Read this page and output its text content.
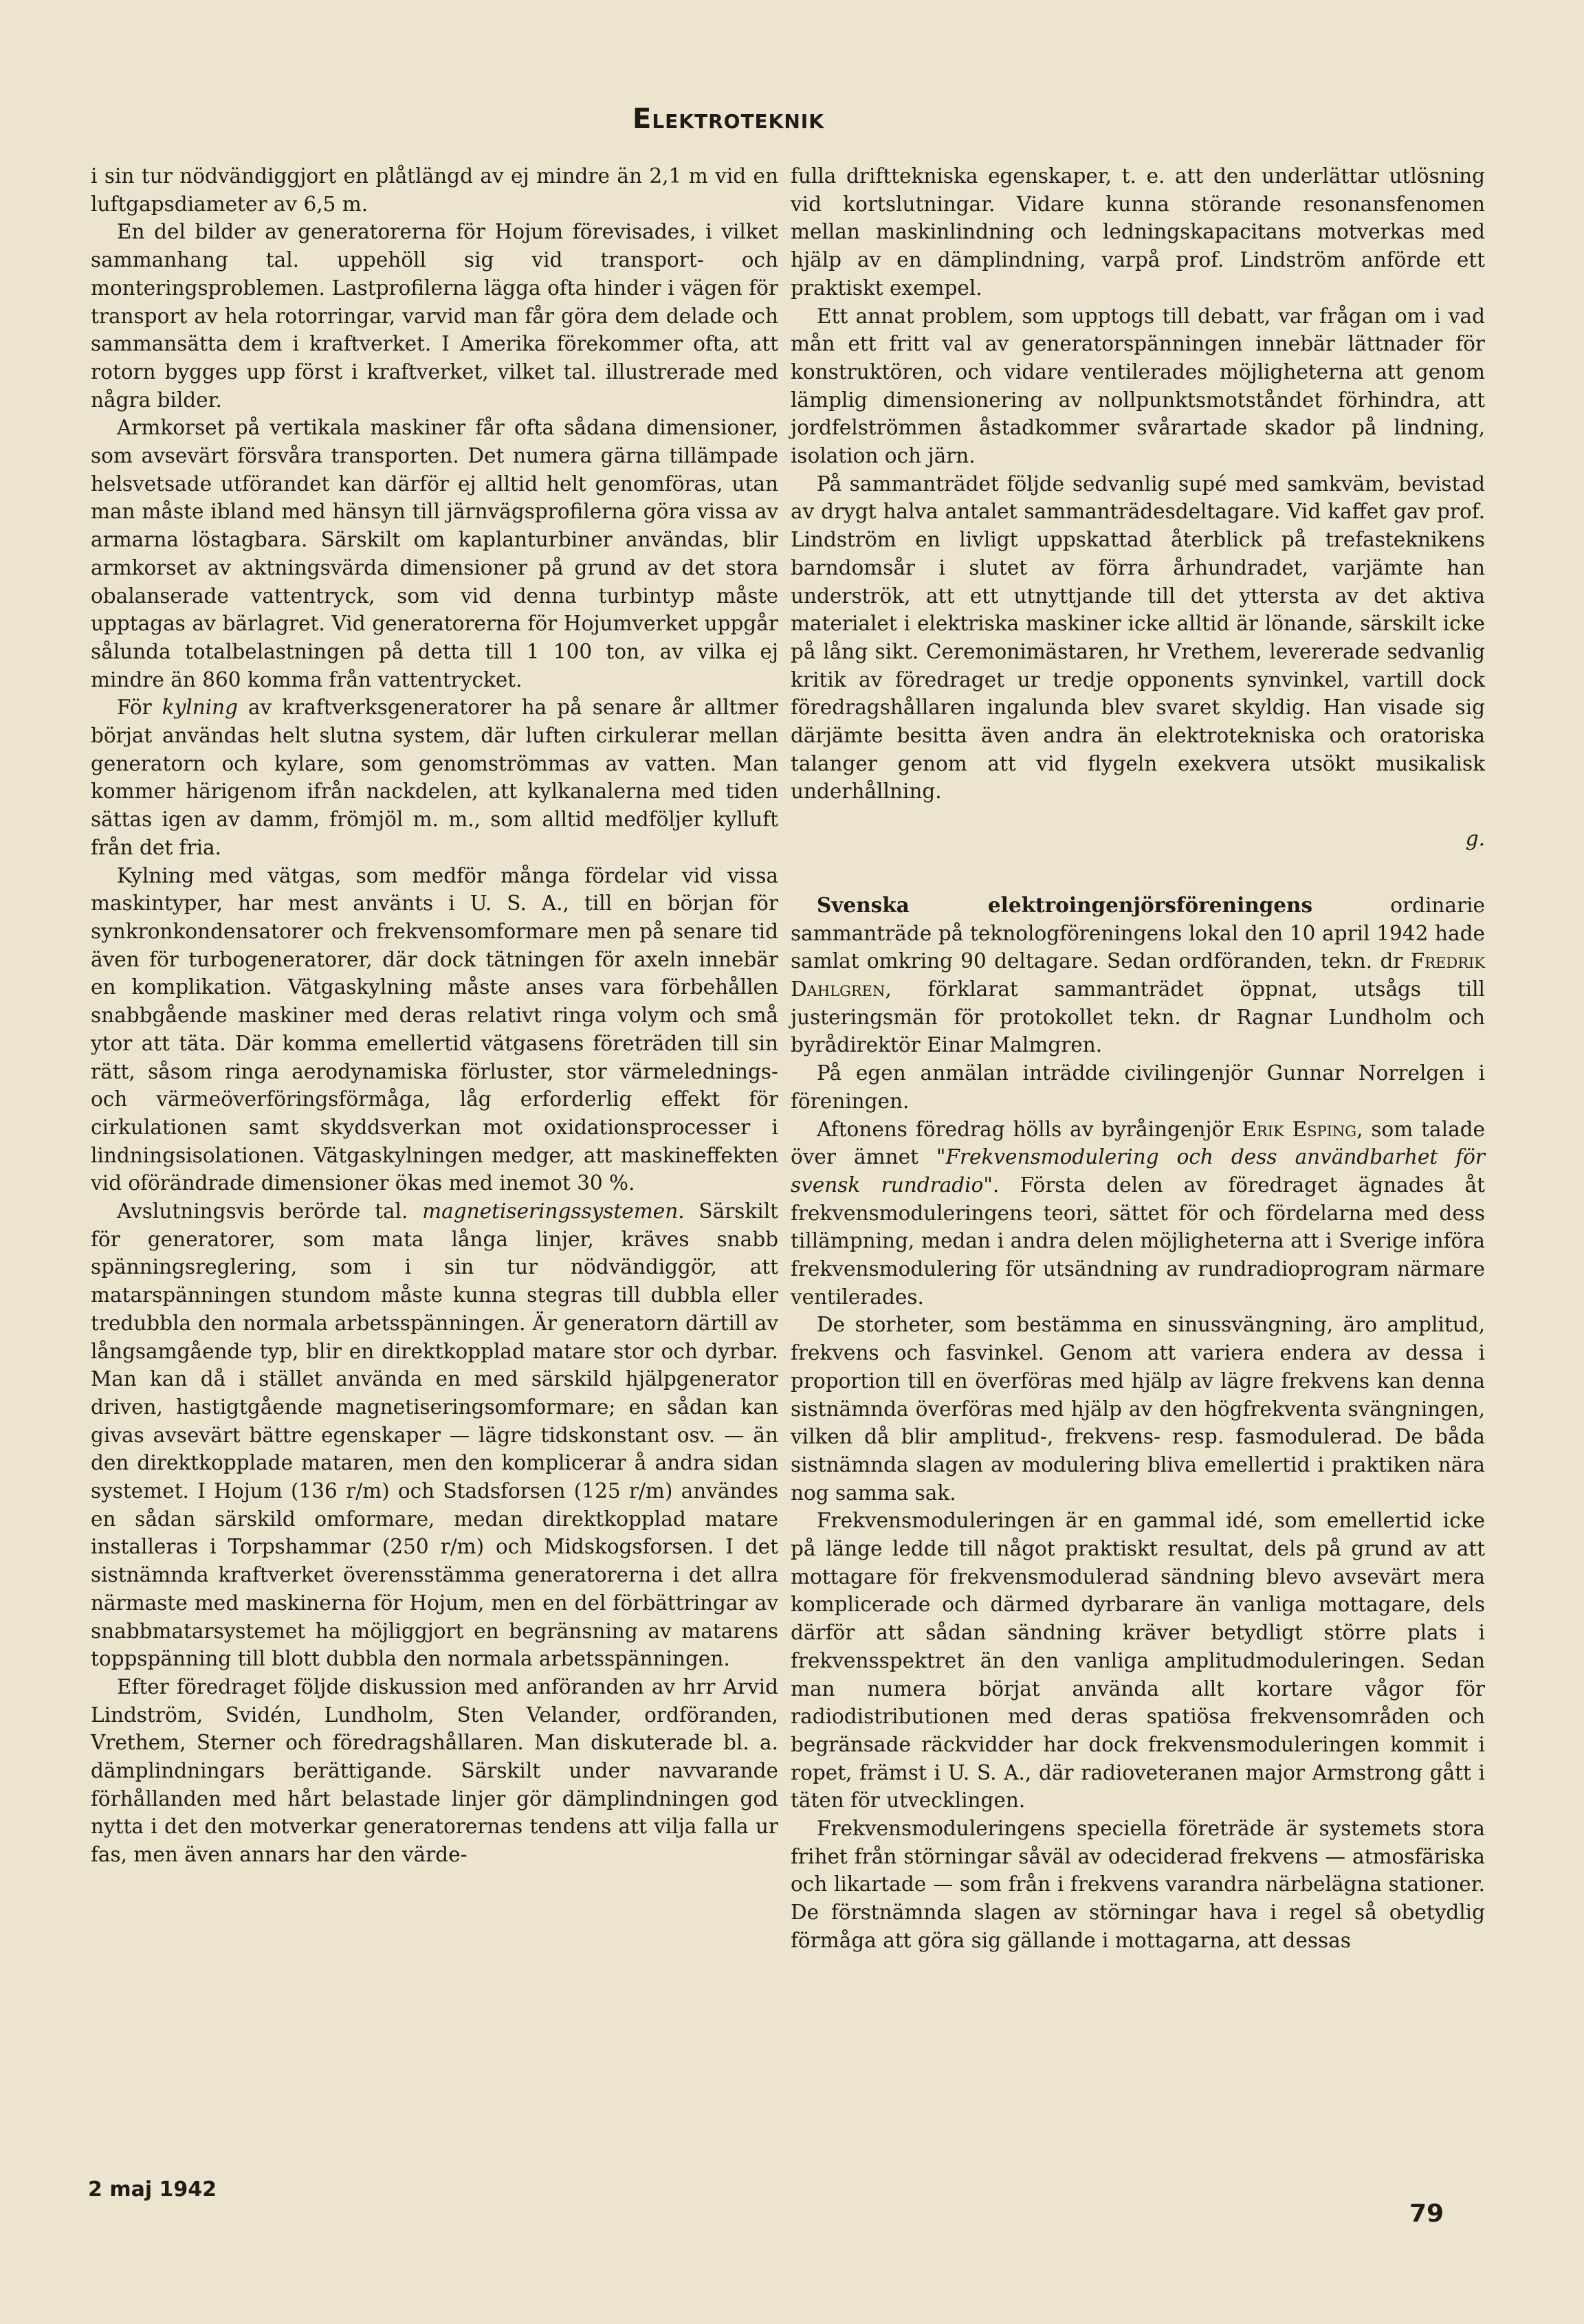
Elektroteknik

i sin tur nödvändiggjort en plåtlängd av ej mindre än 2,1 m vid en luftgapsdiameter av 6,5 m.

En del bilder av generatorerna för Hojum förevisades, i vilket sammanhang tal. uppehöll sig vid transport- och monteringsproblemen. Lastprofilerna lägga ofta hinder i vägen för transport av hela rotorringar, varvid man får göra dem delade och sammansätta dem i kraftverket. I Amerika förekommer ofta, att rotorn bygges upp först i kraftverket, vilket tal. illustrerade med några bilder.

Armkorset på vertikala maskiner får ofta sådana dimensioner, som avsevärt försvåra transporten. Det numera gärna tillämpade helsvetsade utförandet kan därför ej alltid helt genomföras, utan man måste ibland med hänsyn till järnvägsprofilerna göra vissa av armarna löstagbara. Särskilt om kaplanturbiner användas, blir armkorset av aktningsvärda dimensioner på grund av det stora obalanserade vattentryck, som vid denna turbintyp måste upptagas av bärlagret. Vid generatorerna för Hojumverket uppgår sålunda totalbelastningen på detta till 1 100 ton, av vilka ej mindre än 860 komma från vattentrycket.

För kylning av kraftverksgeneratorer ha på senare år alltmer börjat användas helt slutna system, där luften cirkulerar mellan generatorn och kylare, som genomströmmas av vatten. Man kommer härigenom ifrån nackdelen, att kylkanalerna med tiden sättas igen av damm, frömjöl m. m., som alltid medföljer kylluft från det fria.

Kylning med vätgas, som medför många fördelar vid vissa maskintyper, har mest använts i U. S. A., till en början för synkronkondensatorer och frekvensomformare men på senare tid även för turbogeneratorer, där dock tätningen för axeln innebär en komplikation. Vätgaskylning måste anses vara förbehållen snabbgående maskiner med deras relativt ringa volym och små ytor att täta. Där komma emellertid vätgasens företräden till sin rätt, såsom ringa aerodynamiska förluster, stor värmelednings- och värmeöverföringsförmåga, låg erforderlig effekt för cirkulationen samt skyddsverkan mot oxidationsprocesser i lindningsisolationen. Vätgaskylningen medger, att maskineffekten vid oförändrade dimensioner ökas med inemot 30 %.

Avslutningsvis berörde tal. magnetiseringssystemen. Särskilt för generatorer, som mata långa linjer, kräves snabb spänningsreglering, som i sin tur nödvändiggör, att matarspänningen stundom måste kunna stegras till dubbla eller tredubbla den normala arbetsspänningen. Är generatorn därtill av långsamgående typ, blir en direktkopplad matare stor och dyrbar. Man kan då i stället använda en med särskild hjälpgenerator driven, hastigtgående magnetiseringsomformare; en sådan kan givas avsevärt bättre egenskaper — lägre tidskonstant osv. — än den direktkopplade mataren, men den komplicerar å andra sidan systemet. I Hojum (136 r/m) och Stadsforsen (125 r/m) användes en sådan särskild omformare, medan direktkopplad matare installeras i Torpshammar (250 r/m) och Midskogsforsen. I det sistnämnda kraftverket överensstämma generatorerna i det allra närmaste med maskinerna för Hojum, men en del förbättringar av snabbmatarsystemet ha möjliggjort en begränsning av matarens toppspänning till blott dubbla den normala arbetsspänningen.

Efter föredraget följde diskussion med anföranden av hrr Arvid Lindström, Svidén, Lundholm, Sten Velander, ordföranden, Vrethem, Sterner och föredragshållaren. Man diskuterade bl. a. dämplindningars berättigande. Särskilt under navvarande förhållanden med hårt belastade linjer gör dämplindningen god nytta i det den motverkar generatorernas tendens att vilja falla ur fas, men även annars har den värde-

fulla drifttekniska egenskaper, t. e. att den underlättar utlösning vid kortslutningar. Vidare kunna störande resonansfenomen mellan maskinlindning och ledningskapacitans motverkas med hjälp av en dämplindning, varpå prof. Lindström anförde ett praktiskt exempel.

Ett annat problem, som upptogs till debatt, var frågan om i vad mån ett fritt val av generatorspänningen innebär lättnader för konstruktören, och vidare ventilerades möjligheterna att genom lämplig dimensionering av nollpunktsmotståndet förhindra, att jordfelströmmen åstadkommer svårartade skador på lindning, isolation och järn.

På sammanträdet följde sedvanlig supé med samkväm, bevistad av drygt halva antalet sammanträdesdeltagare. Vid kaffet gav prof. Lindström en livligt uppskattad återblick på trefasteknikens barndomsår i slutet av förra århundradet, varjämte han underströk, att ett utnyttjande till det yttersta av det aktiva materialet i elektriska maskiner icke alltid är lönande, särskilt icke på lång sikt. Ceremonimästaren, hr Vrethem, levererade sedvanlig kritik av föredraget ur tredje opponents synvinkel, vartill dock föredragshållaren ingalunda blev svaret skyldig. Han visade sig därjämte besitta även andra än elektrotekniska och oratoriska talanger genom att vid flygeln exekvera utsökt musikalisk underhållning.

g.

Svenska elektroingenjörsföreningens ordinarie sammanträde på teknologföreningens lokal den 10 april 1942 hade samlat omkring 90 deltagare. Sedan ordföranden, tekn. dr Fredrik Dahlgren, förklarat sammanträdet öppnat, utsågs till justeringsmän för protokollet tekn. dr Ragnar Lundholm och byrådirektör Einar Malmgren.

På egen anmälan inträdde civilingenjör Gunnar Norrelgen i föreningen.

Aftonens föredrag hölls av byråingenjör Erik Esping, som talade över ämnet "Frekvensmodulering och dess användbarhet för svensk rundradio". Första delen av föredraget ägnades åt frekvensmoduleringens teori, sättet för och fördelarna med dess tillämpning, medan i andra delen möjligheterna att i Sverige införa frekvensmodulering för utsändning av rundradioprogram närmare ventilerades.

De storheter, som bestämma en sinussvängning, äro amplitud, frekvens och fasvinkel. Genom att variera endera av dessa i proportion till en överföras med hjälp av lägre frekvens kan denna sistnämnda överföras med hjälp av den högfrekventa svängningen, vilken då blir amplitud-, frekvens- resp. fasmodulerad. De båda sistnämnda slagen av modulering bliva emellertid i praktiken nära nog samma sak.

Frekvensmoduleringen är en gammal idé, som emellertid icke på länge ledde till något praktiskt resultat, dels på grund av att mottagare för frekvensmodulerad sändning blevo avsevärt mera komplicerade och därmed dyrbarare än vanliga mottagare, dels därför att sådan sändning kräver betydligt större plats i frekvensspektret än den vanliga amplitudmoduleringen. Sedan man numera börjat använda allt kortare vågor för radiodistributionen med deras spatiösa frekvensområden och begränsade räckvidder har dock frekvensmoduleringen kommit i ropet, främst i U. S. A., där radioveteranen major Armstrong gått i täten för utvecklingen.

Frekvensmoduleringens speciella företräde är systemets stora frihet från störningar såväl av odeciderad frekvens — atmosfäriska och likartade — som från i frekvens varandra närbelägna stationer. De förstnämnda slagen av störningar hava i regel så obetydlig förmåga att göra sig gällande i mottagarna, att dessas

2 maj 1942
79
